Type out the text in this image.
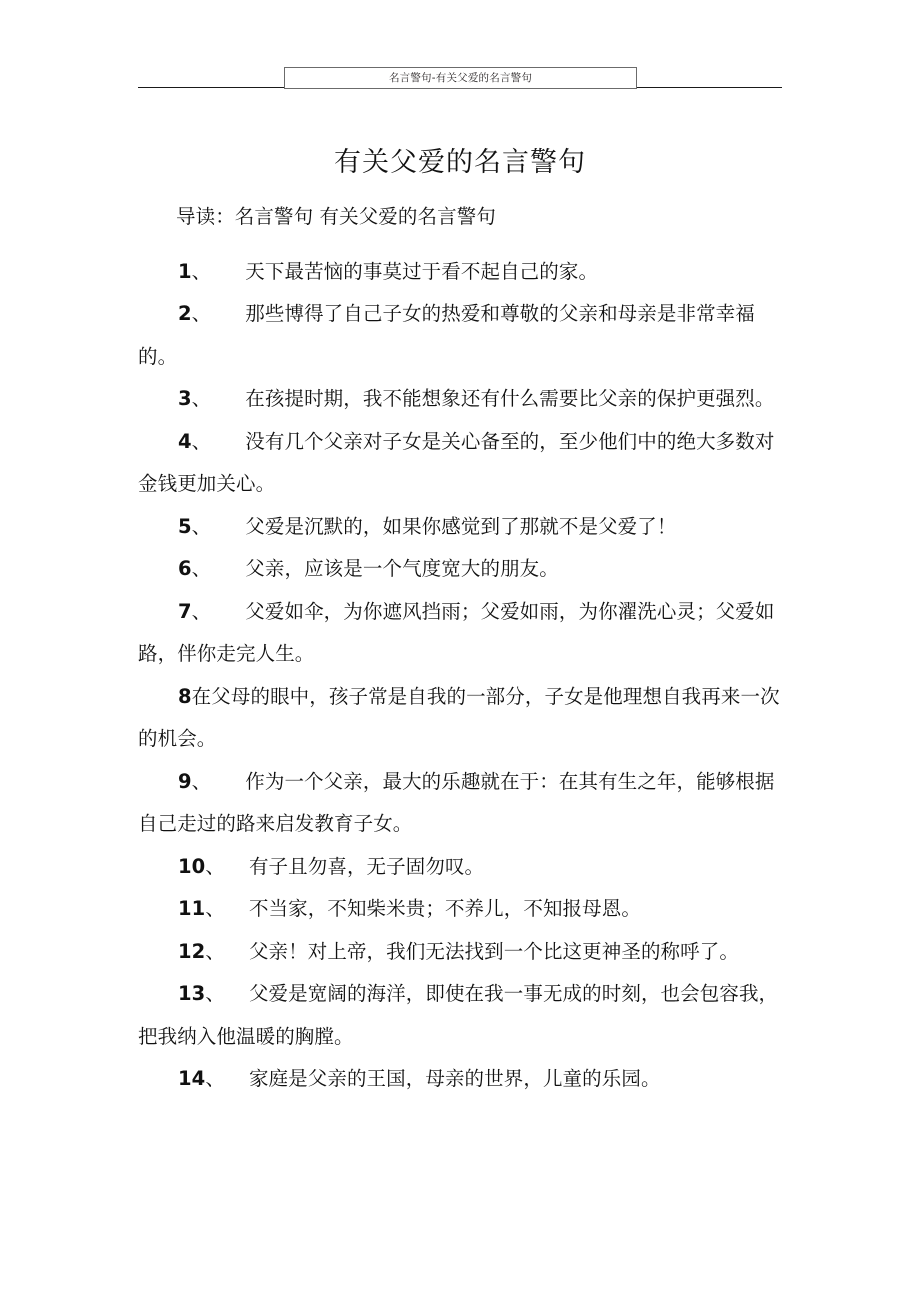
名言警句-有关父爱的名言警句
有关父爱的名言警句

导读：名言警句 有关父爱的名言警句

1、 天下最苦恼的事莫过于看不起自己的家。

2、 那些博得了自己子女的热爱和尊敬的父亲和母亲是非常幸福的。

3、 在孩提时期，我不能想象还有什么需要比父亲的保护更强烈。

4、 没有几个父亲对子女是关心备至的，至少他们中的绝大多数对金钱更加关心。

5、 父爱是沉默的，如果你感觉到了那就不是父爱了！

6、 父亲，应该是一个气度宽大的朋友。

7、 父爱如伞，为你遮风挡雨；父爱如雨，为你濯洗心灵；父爱如路，伴你走完人生。

8在父母的眼中，孩子常是自我的一部分，子女是他理想自我再来一次的机会。

9、 作为一个父亲，最大的乐趣就在于：在其有生之年，能够根据自己走过的路来启发教育子女。

10、 有子且勿喜，无子固勿叹。

11、 不当家，不知柴米贵；不养儿，不知报母恩。

12、 父亲！对上帝，我们无法找到一个比这更神圣的称呼了。

13、 父爱是宽阔的海洋，即使在我一事无成的时刻，也会包容我，把我纳入他温暖的胸膛。

14、 家庭是父亲的王国，母亲的世界，儿童的乐园。
